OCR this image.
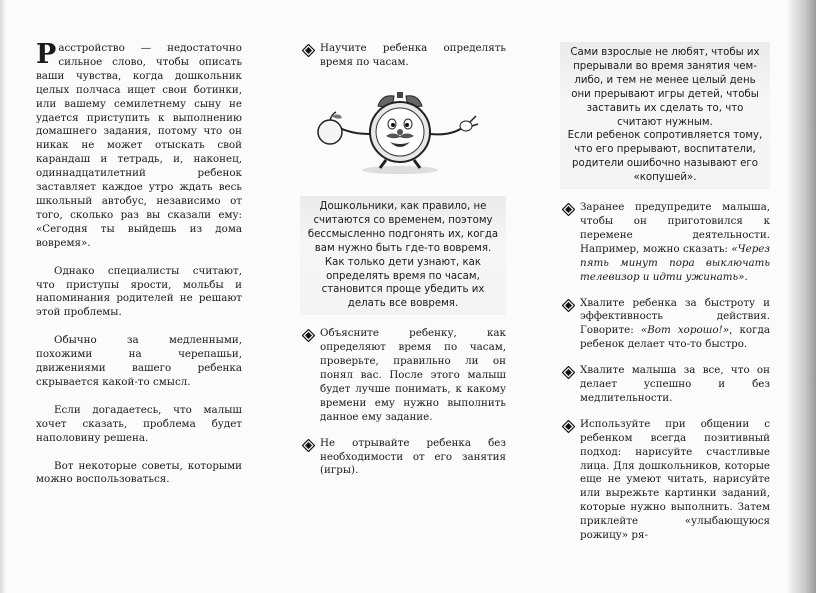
Расстройство — недостаточно сильное слово, чтобы описать ваши чувства, когда дошкольник целых полчаса ищет свои ботинки, или вашему семилетнему сыну не удается приступить к выполнению домашнего задания, потому что он никак не может отыскать свой карандаш и тетрадь, и, наконец, одиннадцатилетний ребенок заставляет каждое утро ждать весь школьный автобус, независимо от того, сколько раз вы сказали ему: «Сегодня ты выйдешь из дома вовремя».

Однако специалисты считают, что приступы ярости, мольбы и напоминания родителей не решают этой проблемы.

Обычно за медленными, похожими на черепашьи, движениями вашего ребенка скрывается какой-то смысл.

Если догадаетесь, что малыш хочет сказать, проблема будет наполовину решена.

Вот некоторые советы, которыми можно воспользоваться.

Научите ребенка определять время по часам.

Дошкольники, как правило, не считаются со временем, поэтому бессмысленно подгонять их, когда вам нужно быть где-то вовремя. Как только дети узнают, как определять время по часам, становится проще убедить их делать все вовремя.

Объясните ребенку, как определяют время по часам, проверьте, правильно ли он понял вас. После этого малыш будет лучше понимать, к какому времени ему нужно выполнить данное ему задание.

Не отрывайте ребенка без необходимости от его занятия (игры).

Сами взрослые не любят, чтобы их прерывали во время занятия чем-либо, и тем не менее целый день они прерывают игры детей, чтобы заставить их сделать то, что считают нужным.

Если ребенок сопротивляется тому, что его прерывают, воспитатели, родители ошибочно называют его «копушей».

Заранее предупредите малыша, чтобы он приготовился к перемене деятельности. Например, можно сказать: «Через пять минут пора выключать телевизор и идти ужинать».

Хвалите ребенка за быстроту и эффективность действия. Говорите: «Вот хорошо!», когда ребенок делает что-то быстро.

Хвалите малыша за все, что он делает успешно и без медлительности.

Используйте при общении с ребенком всегда позитивный подход: нарисуйте счастливые лица. Для дошкольников, которые еще не умеют читать, нарисуйте или вырежьте картинки заданий, которые нужно выполнить. Затем приклейте «улыбающуюся рожицу» ря-
